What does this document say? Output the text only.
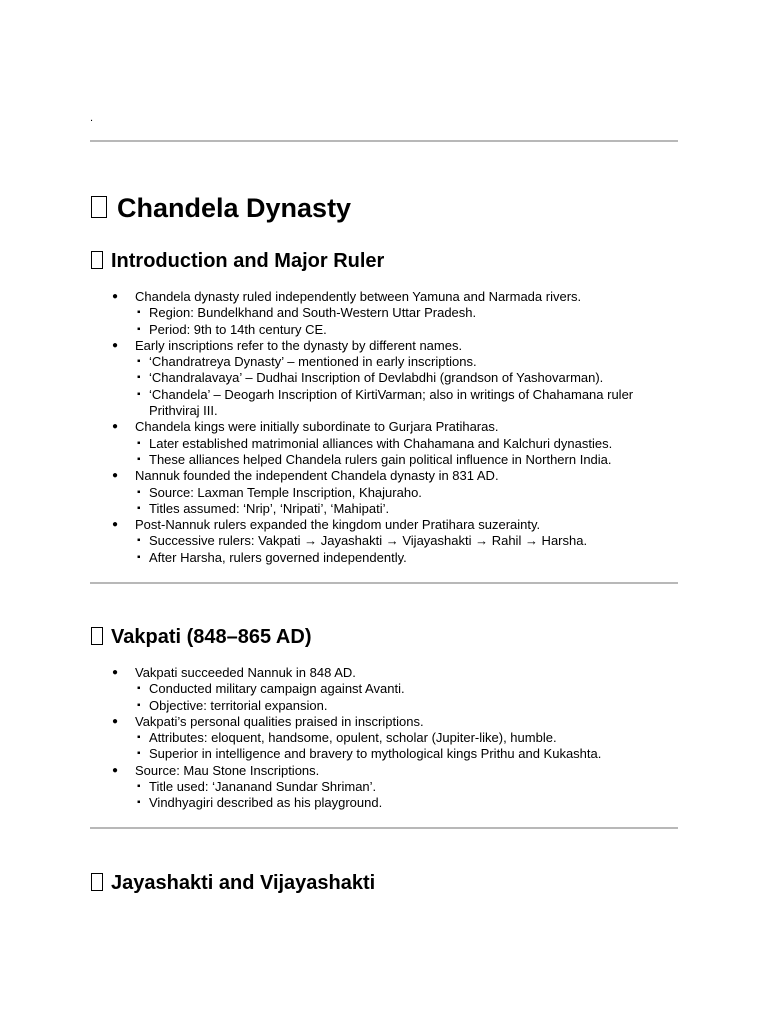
.
Chandela Dynasty
Introduction and Major Ruler
● Chandela dynasty ruled independently between Yamuna and Narmada rivers.
▪ Region: Bundelkhand and South-Western Uttar Pradesh.
▪ Period: 9th to 14th century CE.
● Early inscriptions refer to the dynasty by different names.
▪ ‘Chandratreya Dynasty’ – mentioned in early inscriptions.
▪ ‘Chandralavaya’ – Dudhai Inscription of Devlabdhi (grandson of Yashovarman).
▪ ‘Chandela’ – Deogarh Inscription of KirtiVarman; also in writings of Chahamana ruler Prithviraj III.
● Chandela kings were initially subordinate to Gurjara Pratiharas.
▪ Later established matrimonial alliances with Chahamana and Kalchuri dynasties.
▪ These alliances helped Chandela rulers gain political influence in Northern India.
● Nannuk founded the independent Chandela dynasty in 831 AD.
▪ Source: Laxman Temple Inscription, Khajuraho.
▪ Titles assumed: ‘Nrip’, ‘Nripati’, ‘Mahipati’.
● Post-Nannuk rulers expanded the kingdom under Pratihara suzerainty.
▪ Successive rulers: Vakpati → Jayashakti → Vijayashakti → Rahil → Harsha.
▪ After Harsha, rulers governed independently.
Vakpati (848–865 AD)
● Vakpati succeeded Nannuk in 848 AD.
▪ Conducted military campaign against Avanti.
▪ Objective: territorial expansion.
● Vakpati’s personal qualities praised in inscriptions.
▪ Attributes: eloquent, handsome, opulent, scholar (Jupiter-like), humble.
▪ Superior in intelligence and bravery to mythological kings Prithu and Kukashta.
● Source: Mau Stone Inscriptions.
▪ Title used: ‘Jananand Sundar Shriman’.
▪ Vindhyagiri described as his playground.
Jayashakti and Vijayashakti
